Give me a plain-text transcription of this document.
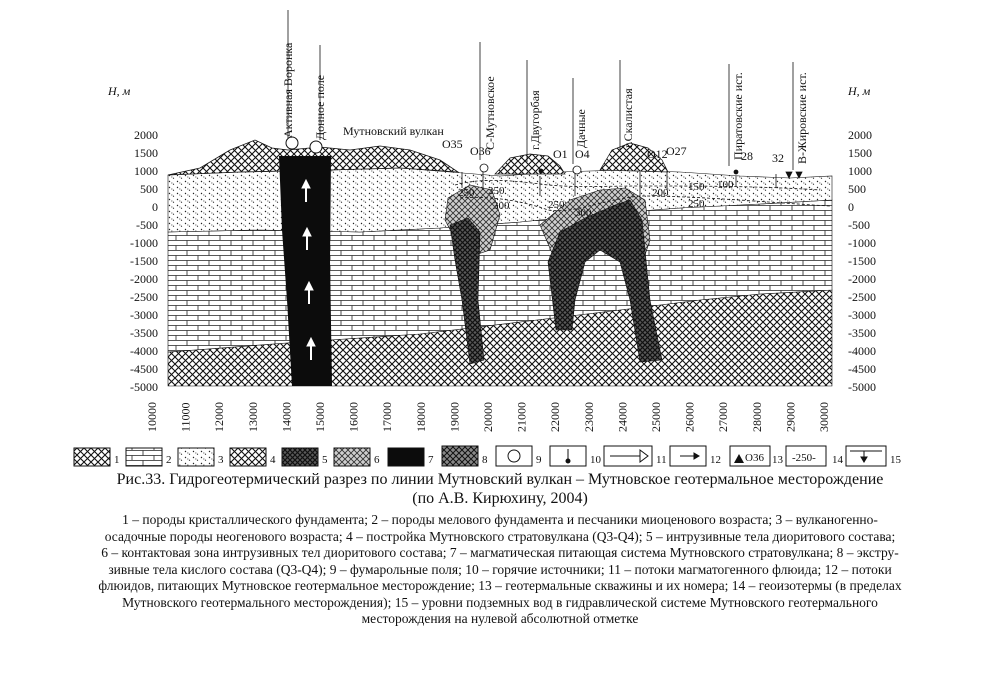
2000
1500
1000
500
0
-500
-1000
-1500
-2000
-2500
-3000
-3500
-4000
-4500
-5000
2000
1500
1000
500
0
-500
-1000
-1500
-2000
-2500
-3000
-3500
-4000
-4500
-5000
10000 11000 12000 13000 14000 15000 16000 17000 18000 19000 20000 21000 22000 23000 24000 25000 26000 27000 28000 29000 30000
H, м	H, м
Активная Воронка Донное поле Мутновский вулкан	С-Мутновское	г.Двугорбая	Дачные	г.Скалистая	Пиратовские ист.	В-Жировские ист.
О35 О36	О1 О4	О12
О27	28 32
250 250
300	250
300
200 150 100
250
1	2	3	4	5	6	7	8	9	10	11	12 О36 13 -250- 14	15
Рис.33. Гидрогеотермический разрез по линии Мутновский вулкан – Мутновское геотермальное месторождение
(по А.В. Кирюхину, 2004)
1 – породы кристаллического фундамента; 2 – породы мелового фундамента и песчаники миоценового возраста; 3 – вулканогенно-
осадочные породы неогенового возраста; 4 – постройка Мутновского стратовулкана (Q3-Q4); 5 – интрузивные тела диоритового состава;
6 – контактовая зона интрузивных тел диоритового состава; 7 – магматическая питающая система Мутновского стратовулкана; 8 – экстру-
зивные тела кислого состава (Q3-Q4); 9 – фумарольные поля; 10 – горячие источники; 11 – потоки магматогенного флюида; 12 – потоки
флюидов, питающих Мутновское геотермальное месторождение; 13 – геотермальные скважины и их номера; 14 – геоизотермы (в пределах
Мутновского геотермального месторождения); 15 – уровни подземных вод в гидравлической системе Мутновского геотермального
месторождения на нулевой абсолютной отметке
